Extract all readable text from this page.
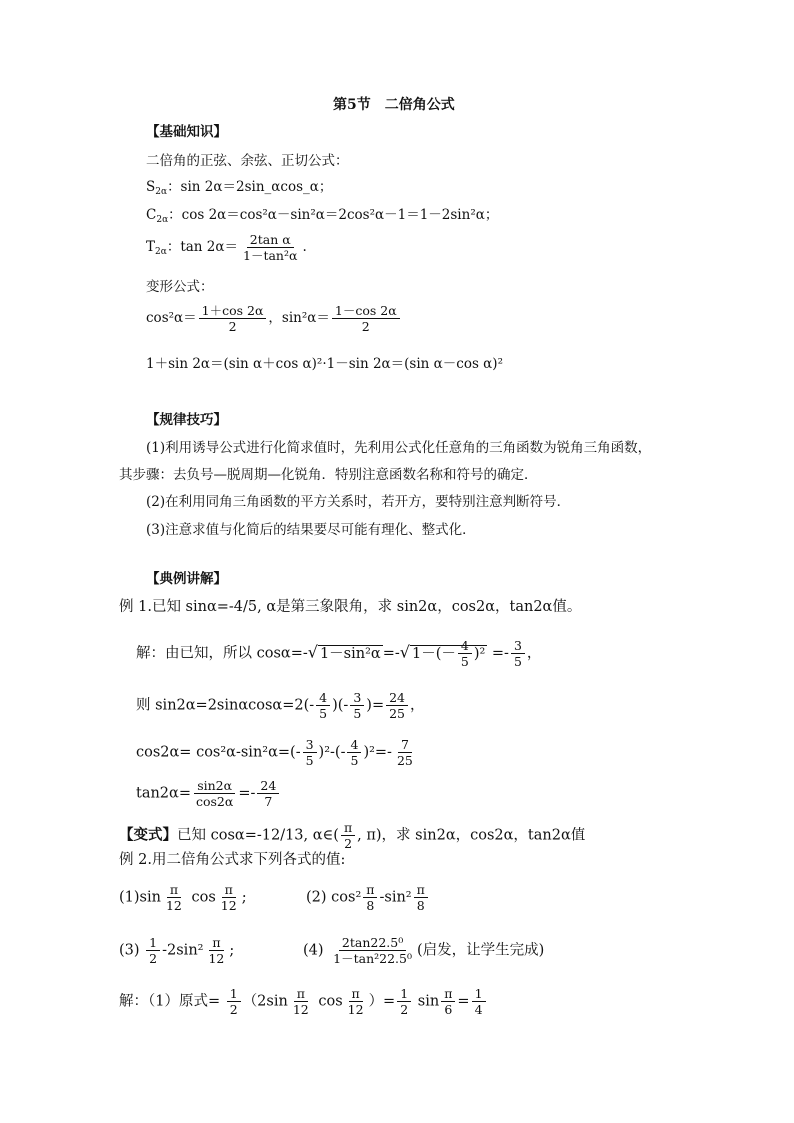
第5节　二倍角公式
【基础知识】
二倍角的正弦、余弦、正切公式：
$S_{2\alpha}$：sin 2α＝2sin_αcos_α；
$C_{2\alpha}$：cos 2α＝cos²α－sin²α＝2cos²α－1＝1－2sin²α；
$T_{2\alpha}$：$\tan 2\alpha= \frac{\text{2tan α}}{\text{1－tan²α}}$ .
变形公式：
$\cos^2\alpha= \frac{1+\cos 2\alpha}{2}$ ，$\sin^2\alpha= \frac{1-\cos 2\alpha}{2}$
1＋sin 2α＝(sin α＋cos α)²·1－sin 2α＝(sin α－cos α)²
【规律技巧】
(1)利用诱导公式进行化简求值时，先利用公式化任意角的三角函数为锐角三角函数，
其步骤：去负号—脱周期—化锐角．特别注意函数名称和符号的确定．
(2)在利用同角三角函数的平方关系时，若开方，要特别注意判断符号．
(3)注意求值与化简后的结果要尽可能有理化、整式化．
【典例讲解】
例 1.已知 sinα=-4/5, α是第三象限角，求 sin2α，cos2α，tan2α值。
解：由已知，所以 cosα=-√ 1－sin²α =-√ $1-(- \frac{4}{5} )^2 =- \frac{3}{5}$ ，
则 $\sin 2\alpha=2\sin\alpha\cos\alpha=2(- \frac{4}{5}$ )(- $\frac{3}{5}$ )= $\frac{24}{25}$ ，
$\cos 2\alpha= \cos^2\alpha-\sin^2\alpha=(- \frac{3}{5} )^2-(- \frac{4}{5} )^2=- \frac{7}{25}$
$\tan 2\alpha= \frac{\sin 2\alpha}{\cos 2\alpha} =- \frac{24}{7}$
【变式】已知 cosα=-12/13, α∈( $\frac{\pi}{2}$ , π)，求 sin2α，cos2α，tan2α值
例 2.用二倍角公式求下列各式的值:
$(1)\sin \frac{\pi}{12}$ $\cos \frac{\pi}{12}$ ;	(2) $\cos^2 \frac{\pi}{8} -\sin^2 \frac{\pi}{8}$
$(3) \frac{1}{2} -2\sin^2 \frac{\pi}{12}$ ;	$(4) \frac{\text{2tan22.5⁰}}{\text{1－tan²22.5⁰}}$ (启发，让学生完成)
解：（1）原式= $\frac{1}{2} (2\sin \frac{\pi}{12}$ $\cos \frac{\pi}{12}$ ）= $\frac{1}{2}$ $\sin \frac{\pi}{6} = \frac{1}{4}$
